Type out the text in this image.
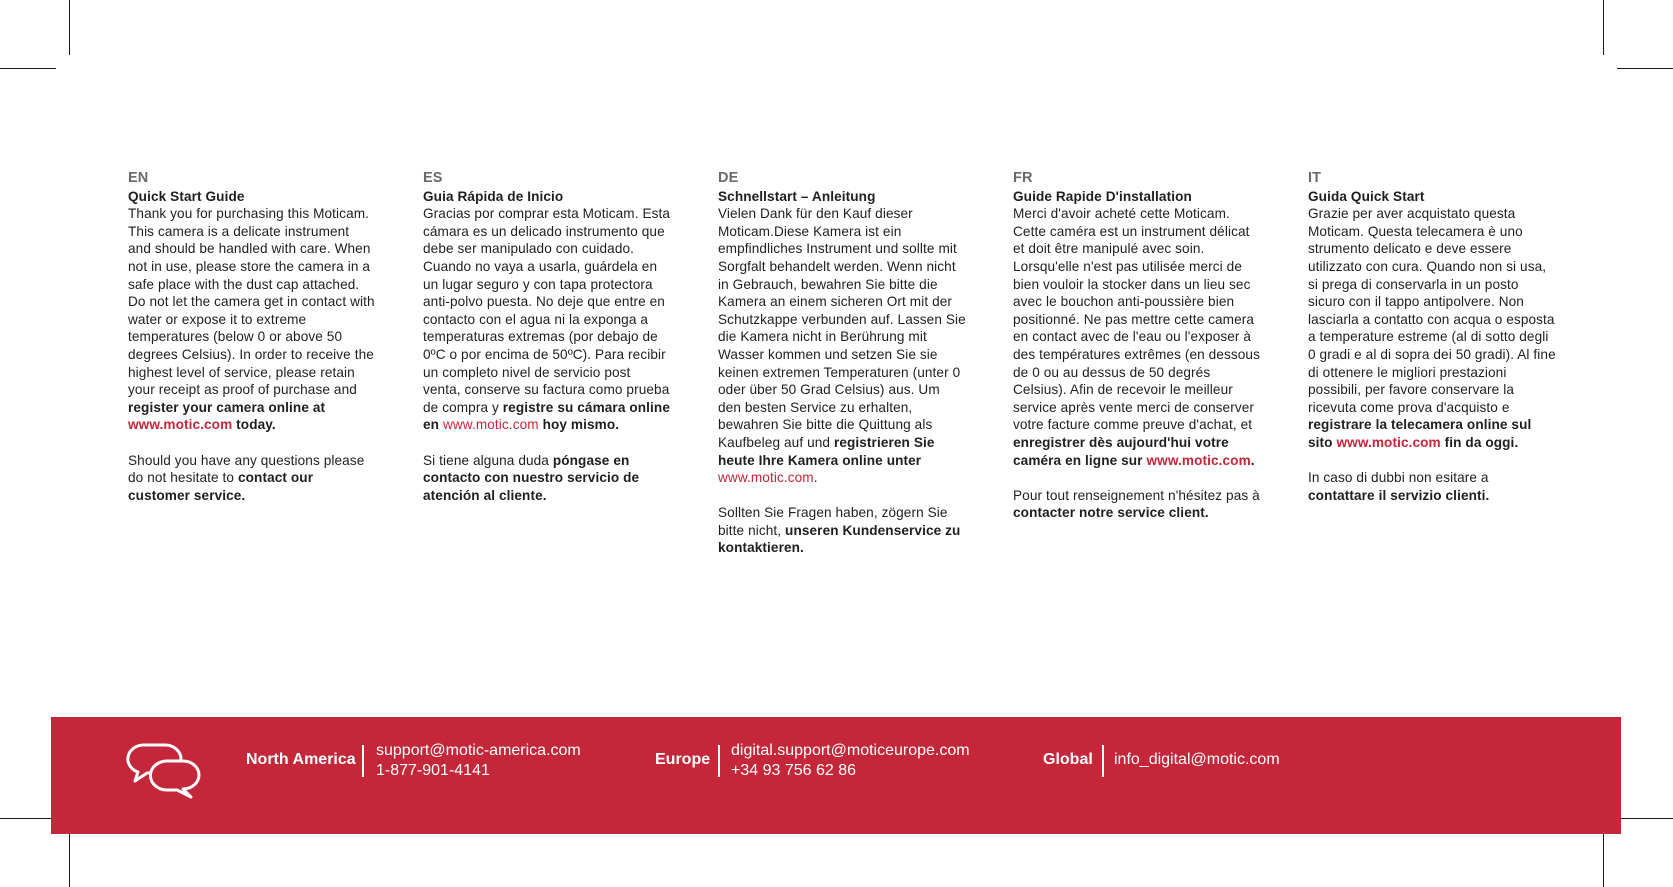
EN
Quick Start Guide
Thank you for purchasing this Moticam. This camera is a delicate instrument and should be handled with care. When not in use, please store the camera in a safe place with the dust cap attached. Do not let the camera get in contact with water or expose it to extreme temperatures (below 0 or above 50 degrees Celsius). In order to receive the highest level of service, please retain your receipt as proof of purchase and register your camera online at www.motic.com today.
Should you have any questions please do not hesitate to contact our customer service.
ES
Guia Rápida de Inicio
Gracias por comprar esta Moticam. Esta cámara es un delicado instrumento que debe ser manipulado con cuidado. Cuando no vaya a usarla, guárdela en un lugar seguro y con tapa protectora anti-polvo puesta. No deje que entre en contacto con el agua ni la exponga a temperaturas extremas (por debajo de 0ºC o por encima de 50ºC). Para recibir un completo nivel de servicio post venta, conserve su factura como prueba de compra y registre su cámara online en www.motic.com hoy mismo.
Si tiene alguna duda póngase en contacto con nuestro servicio de atención al cliente.
DE
Schnellstart – Anleitung
Vielen Dank für den Kauf dieser Moticam.Diese Kamera ist ein empfindliches Instrument und sollte mit Sorgfalt behandelt werden. Wenn nicht in Gebrauch, bewahren Sie bitte die Kamera an einem sicheren Ort mit der Schutzkappe verbunden auf. Lassen Sie die Kamera nicht in Berührung mit Wasser kommen und setzen Sie sie keinen extremen Temperaturen (unter 0 oder über 50 Grad Celsius) aus. Um den besten Service zu erhalten, bewahren Sie bitte die Quittung als Kaufbeleg auf und registrieren Sie heute Ihre Kamera online unter www.motic.com.
Sollten Sie Fragen haben, zögern Sie bitte nicht, unseren Kundenservice zu kontaktieren.
FR
Guide Rapide D'installation
Merci d'avoir acheté cette Moticam. Cette caméra est un instrument délicat et doit être manipulé avec soin. Lorsqu'elle n'est pas utilisée merci de bien vouloir la stocker dans un lieu sec avec le bouchon anti-poussière bien positionné. Ne pas mettre cette camera en contact avec de l'eau ou l'exposer à des températures extrêmes (en dessous de 0 ou au dessus de 50 degrés Celsius). Afin de recevoir le meilleur service après vente merci de conserver votre facture comme preuve d'achat, et enregistrer dès aujourd'hui votre caméra en ligne sur www.motic.com.
Pour tout renseignement n'hésitez pas à contacter notre service client.
IT
Guida Quick Start
Grazie per aver acquistato questa Moticam. Questa telecamera è uno strumento delicato e deve essere utilizzato con cura. Quando non si usa, si prega di conservarla in un posto sicuro con il tappo antipolvere. Non lasciarla a contatto con acqua o esposta a temperature estreme (al di sotto degli 0 gradi e al di sopra dei 50 gradi). Al fine di ottenere le migliori prestazioni possibili, per favore conservare la ricevuta come prova d'acquisto e registrare la telecamera online sul sito www.motic.com fin da oggi.
In caso di dubbi non esitare a contattare il servizio clienti.
North America
support@motic-america.com
1-877-901-4141
Europe
digital.support@moticeurope.com
+34 93 756 62 86
Global info_digital@motic.com
